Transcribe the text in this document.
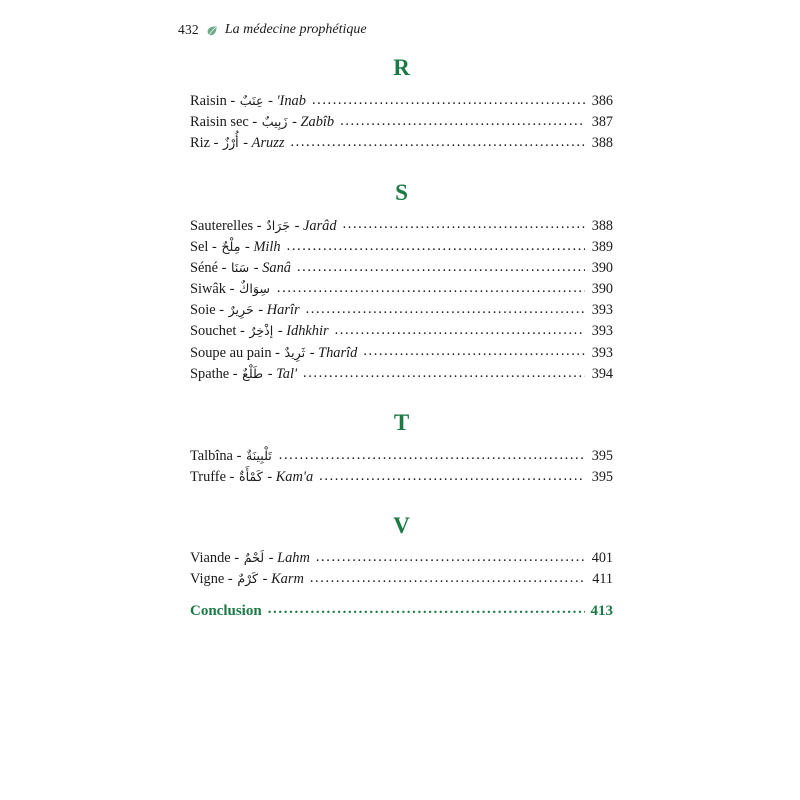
432 La médecine prophétique
R
Raisin - عِنَبٌ - 'Inab .....	386
Raisin sec - زَبِيبٌ - Zabîb .....	387
Riz - أُرْزٌ - Aruzz .....	388
S
Sauterelles - جَرَادٌ - Jarâd .....	388
Sel - مِلْحٌ - Milh .....	389
Séné - سَنَا - Sanâ .....	390
Siwâk - سِوَاكٌ .....	390
Soie - حَرِيرٌ - Harîr .....	393
Souchet - إذْخِرٌ - Idhkhir .....	393
Soupe au pain - ثَرِيدٌ - Tharîd .....	393
Spathe - طَلْعٌ - Tal' .....	394
T
Talbîna - تَلْبِينَةٌ .....	395
Truffe - كَمْأَةٌ - Kam'a .....	395
V
Viande - لَحْمٌ - Lahm .....	401
Vigne - كَرْمٌ - Karm .....	411
Conclusion .....	413
